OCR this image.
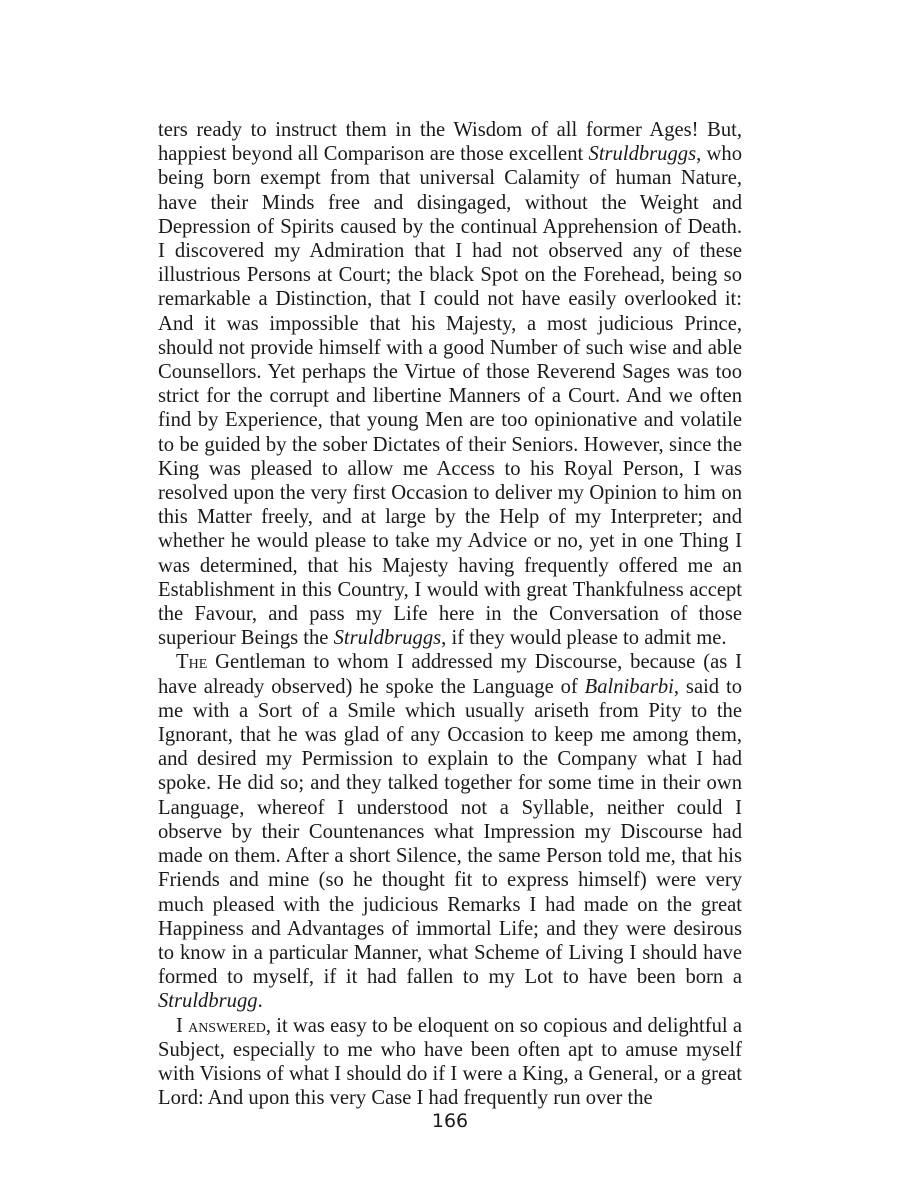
ters ready to instruct them in the Wisdom of all former Ages! But, happiest beyond all Comparison are those excellent Struldbruggs, who being born exempt from that universal Calamity of human Nature, have their Minds free and disingaged, without the Weight and Depression of Spirits caused by the continual Apprehension of Death. I discovered my Admiration that I had not observed any of these illustrious Persons at Court; the black Spot on the Forehead, being so remarkable a Distinction, that I could not have easily overlooked it: And it was impossible that his Majesty, a most judicious Prince, should not provide himself with a good Number of such wise and able Counsellors. Yet perhaps the Virtue of those Reverend Sages was too strict for the corrupt and libertine Manners of a Court. And we often find by Experience, that young Men are too opinionative and volatile to be guided by the sober Dictates of their Seniors. However, since the King was pleased to allow me Access to his Royal Person, I was resolved upon the very first Occasion to deliver my Opinion to him on this Matter freely, and at large by the Help of my Interpreter; and whether he would please to take my Advice or no, yet in one Thing I was determined, that his Majesty having frequently offered me an Establishment in this Country, I would with great Thankfulness accept the Favour, and pass my Life here in the Conversation of those superiour Beings the Struldbruggs, if they would please to admit me.

The Gentleman to whom I addressed my Discourse, because (as I have already observed) he spoke the Language of Balnibarbi, said to me with a Sort of a Smile which usually ariseth from Pity to the Ignorant, that he was glad of any Occasion to keep me among them, and desired my Permission to explain to the Company what I had spoke. He did so; and they talked together for some time in their own Language, whereof I understood not a Syllable, neither could I observe by their Countenances what Impression my Discourse had made on them. After a short Silence, the same Person told me, that his Friends and mine (so he thought fit to express himself) were very much pleased with the judicious Remarks I had made on the great Happiness and Advantages of immortal Life; and they were desirous to know in a particular Manner, what Scheme of Living I should have formed to myself, if it had fallen to my Lot to have been born a Struldbrugg.

I answered, it was easy to be eloquent on so copious and delightful a Subject, especially to me who have been often apt to amuse myself with Visions of what I should do if I were a King, a General, or a great Lord: And upon this very Case I had frequently run over the

166
